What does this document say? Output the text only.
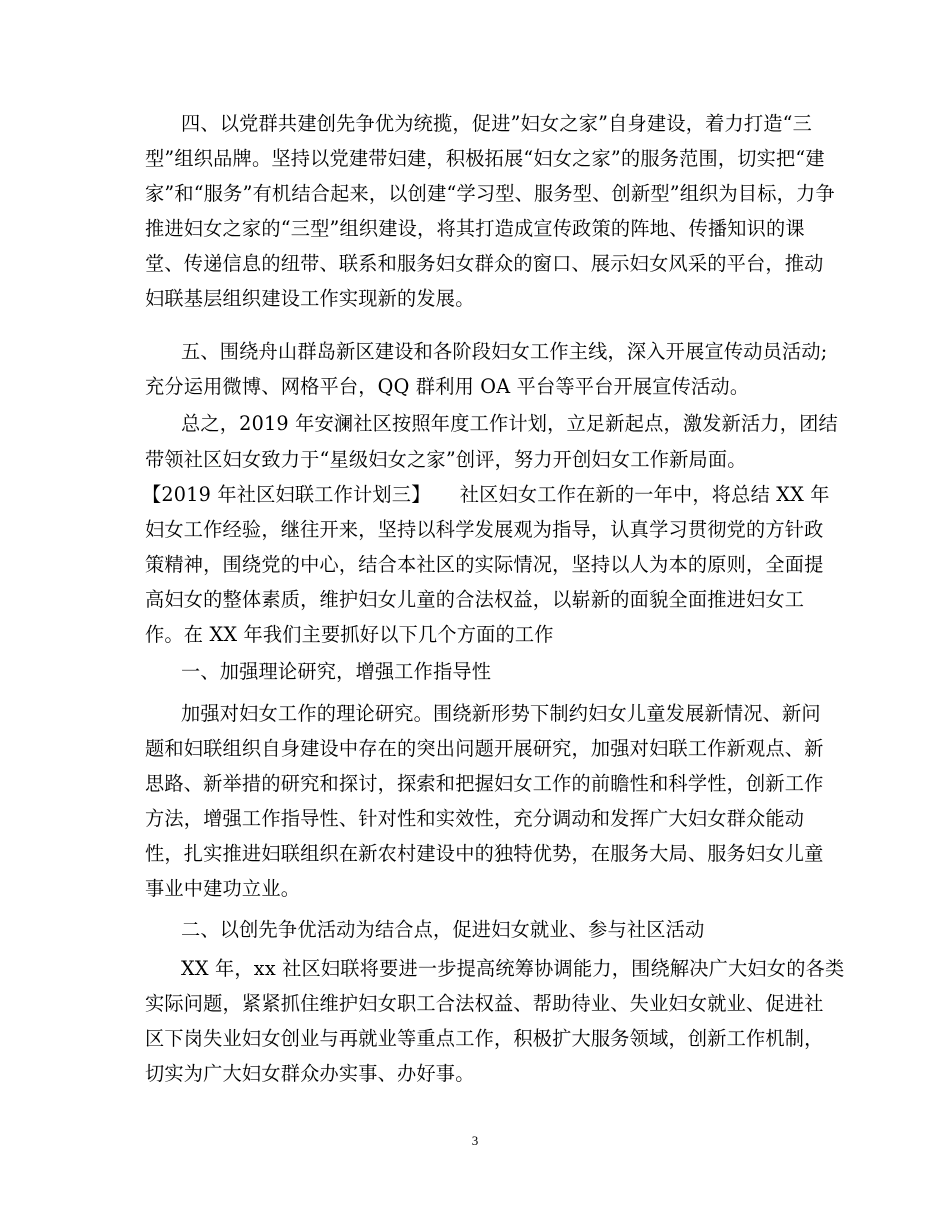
四、以党群共建创先争优为统揽，促进”妇女之家”自身建设，着力打造“三
型”组织品牌。坚持以党建带妇建，积极拓展“妇女之家”的服务范围，切实把“建
家”和“服务”有机结合起来，以创建“学习型、服务型、创新型”组织为目标，力争
推进妇女之家的“三型”组织建设，将其打造成宣传政策的阵地、传播知识的课
堂、传递信息的纽带、联系和服务妇女群众的窗口、展示妇女风采的平台，推动
妇联基层组织建设工作实现新的发展。
五、围绕舟山群岛新区建设和各阶段妇女工作主线，深入开展宣传动员活动;
充分运用微博、网格平台，QQ 群利用 OA 平台等平台开展宣传活动。
总之，2019 年安澜社区按照年度工作计划，立足新起点，激发新活力，团结
带领社区妇女致力于“星级妇女之家”创评，努力开创妇女工作新局面。
【2019 年社区妇联工作计划三】　　社区妇女工作在新的一年中，将总结 XX 年
妇女工作经验，继往开来，坚持以科学发展观为指导，认真学习贯彻党的方针政
策精神，围绕党的中心，结合本社区的实际情况，坚持以人为本的原则，全面提
高妇女的整体素质，维护妇女儿童的合法权益，以崭新的面貌全面推进妇女工
作。在 XX 年我们主要抓好以下几个方面的工作
一、加强理论研究，增强工作指导性
加强对妇女工作的理论研究。围绕新形势下制约妇女儿童发展新情况、新问
题和妇联组织自身建设中存在的突出问题开展研究，加强对妇联工作新观点、新
思路、新举措的研究和探讨，探索和把握妇女工作的前瞻性和科学性，创新工作
方法，增强工作指导性、针对性和实效性，充分调动和发挥广大妇女群众能动
性，扎实推进妇联组织在新农村建设中的独特优势，在服务大局、服务妇女儿童
事业中建功立业。
二、以创先争优活动为结合点，促进妇女就业、参与社区活动
XX 年，xx 社区妇联将要进一步提高统筹协调能力，围绕解决广大妇女的各类
实际问题，紧紧抓住维护妇女职工合法权益、帮助待业、失业妇女就业、促进社
区下岗失业妇女创业与再就业等重点工作，积极扩大服务领域，创新工作机制，
切实为广大妇女群众办实事、办好事。
3
